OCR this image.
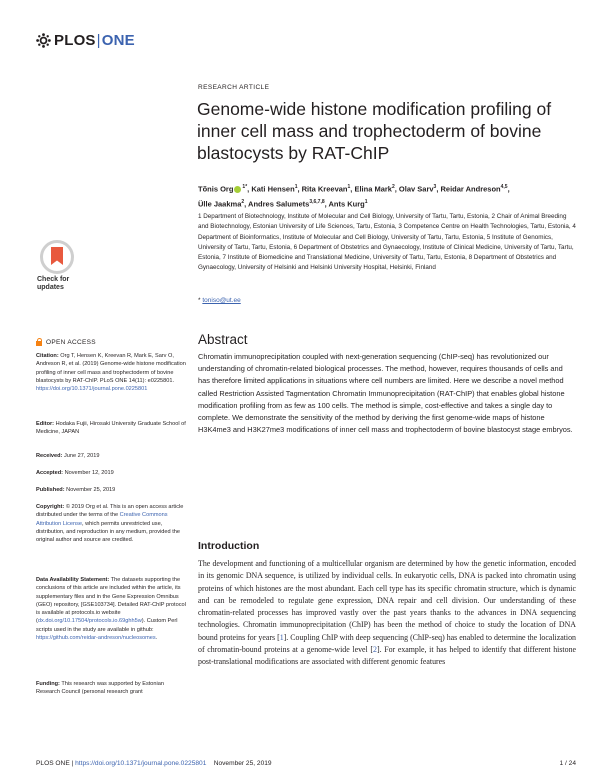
PLOS|ONE
RESEARCH ARTICLE
Genome-wide histone modification profiling of inner cell mass and trophectoderm of bovine blastocysts by RAT-ChIP
Tõnis Org $^{1*}$, Kati Hensen$^1$, Rita Kreevan$^1$, Elina Mark$^2$, Olav Sarv$^3$, Reidar Andreson$^{4,5}$,
Ülle Jaakma$^2$, Andres Salumets$^{3,6,7,8}$, Ants Kurg$^1$
1 Department of Biotechnology, Institute of Molecular and Cell Biology, University of Tartu, Tartu, Estonia, 2 Chair of Animal Breeding and Biotechnology, Estonian University of Life Sciences, Tartu, Estonia, 3 Competence Centre on Health Technologies, Tartu, Estonia, 4 Department of Bioinformatics, Institute of Molecular and Cell Biology, University of Tartu, Tartu, Estonia, 5 Institute of Genomics, University of Tartu, Tartu, Estonia, 6 Department of Obstetrics and Gynaecology, Institute of Clinical Medicine, University of Tartu, Tartu, Estonia, 7 Institute of Biomedicine and Translational Medicine, University of Tartu, Tartu, Estonia, 8 Department of Obstetrics and Gynaecology, University of Helsinki and Helsinki University Hospital, Helsinki, Finland
* toniso@ut.ee
Check for
updates
OPEN ACCESS
Citation: Org T, Hensen K, Kreevan R, Mark E, Sarv O, Andreson R, et al. (2019) Genome-wide histone modification profiling of inner cell mass and trophectoderm of bovine blastocysts by RAT-ChIP. PLoS ONE 14(11): e0225801. https://doi.org/10.1371/journal.pone.0225801
Editor: Hodaka Fujii, Hirosaki University Graduate School of Medicine, JAPAN
Received: June 27, 2019
Accepted: November 12, 2019
Published: November 25, 2019
Copyright: © 2019 Org et al. This is an open access article distributed under the terms of the Creative Commons Attribution License, which permits unrestricted use, distribution, and reproduction in any medium, provided the original author and source are credited.
Data Availability Statement: The datasets supporting the conclusions of this article are included within the article, its supplementary files and in the Gene Expression Omnibus (GEO) repository, [GSE103734]. Detailed RAT-ChIP protocol is available at protocols.io website (dx.doi.org/10.17504/protocols.io.69ghh5w). Custom Perl scripts used in the study are available in github: https://github.com/reidar-andreson/nucleosomes.
Funding: This research was supported by Estonian Research Council (personal research grant
Abstract
Chromatin immunoprecipitation coupled with next-generation sequencing (ChIP-seq) has revolutionized our understanding of chromatin-related biological processes. The method, however, requires thousands of cells and has therefore limited applications in situations where cell numbers are limited. Here we describe a novel method called Restriction Assisted Tagmentation Chromatin Immunoprecipitation (RAT-ChIP) that enables global histone modification profiling from as few as 100 cells. The method is simple, cost-effective and takes a single day to complete. We demonstrate the sensitivity of the method by deriving the first genome-wide maps of histone H3K4me3 and H3K27me3 modifications of inner cell mass and trophectoderm of bovine blastocyst stage embryos.
Introduction
The development and functioning of a multicellular organism are determined by how the genetic information, encoded in its genomic DNA sequence, is utilized by individual cells. In eukaryotic cells, DNA is packed into chromatin using proteins of which histones are the most abundant. Each cell type has its specific chromatin structure, which is dynamic and can be remodeled to regulate gene expression, DNA repair and cell division. Our understanding of these chromatin-related processes has improved vastly over the past years thanks to the advances in DNA sequencing technologies. Chromatin immunoprecipitation (ChIP) has been the method of choice to study the location of DNA bound proteins for years [1]. Coupling ChIP with deep sequencing (ChIP-seq) has enabled to determine the localization of chromatin-bound proteins at a genome-wide level [2]. For example, it has helped to identify that different histone post-translational modifications are associated with different genomic features
PLOS ONE | https://doi.org/10.1371/journal.pone.0225801 November 25, 2019	1 / 24
